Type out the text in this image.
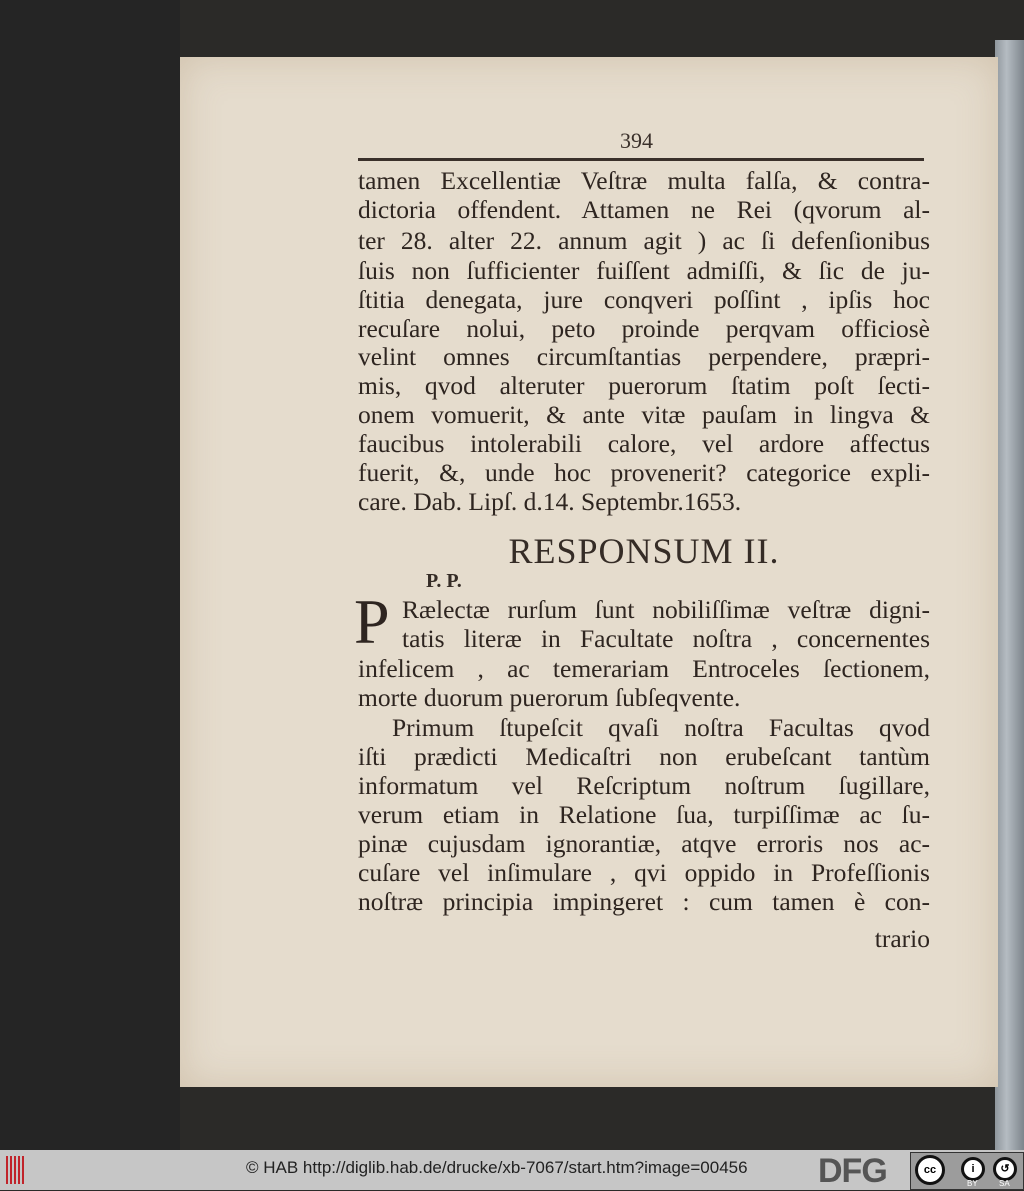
394
tamen Excellentiæ Veſtræ multa falſa, & contra-
dictoria offendent. Attamen ne Rei (qvorum al-
ter 28. alter 22. annum agit ) ac ſi defenſionibus
ſuis non ſufficienter fuiſſent admiſſi, & ſic de ju-
ſtitia denegata, jure conqveri poſſint , ipſis hoc
recuſare nolui, peto proinde perqvam officiosè
velint omnes circumſtantias perpendere, præpri-
mis, qvod alteruter puerorum ſtatim poſt ſecti-
onem vomuerit, & ante vitæ pauſam in lingva &
faucibus intolerabili calore, vel ardore affectus
fuerit, &, unde hoc provenerit? categorice expli-
care. Dab. Lipſ. d.14. Septembr.1653.
RESPONSUM II.
P. P.
P Rælectæ rurſum ſunt nobiliſſimæ veſtræ digni-
tatis literæ in Facultate noſtra , concernentes
infelicem , ac temerariam Entroceles ſectionem,
morte duorum puerorum ſubſeqvente.
Primum ſtupeſcit qvaſi noſtra Facultas qvod
iſti prædicti Medicaſtri non erubeſcant tantùm
informatum vel Reſcriptum noſtrum ſugillare,
verum etiam in Relatione ſua, turpiſſimæ ac ſu-
pinæ cujusdam ignorantiæ, atqve erroris nos ac-
cuſare vel inſimulare , qvi oppido in Profeſſionis
noſtræ principia impingeret : cum tamen è con-
trario
© HAB http://diglib.hab.de/drucke/xb-7067/start.htm?image=00456 DFG	cc	i	↺
BY	SA
